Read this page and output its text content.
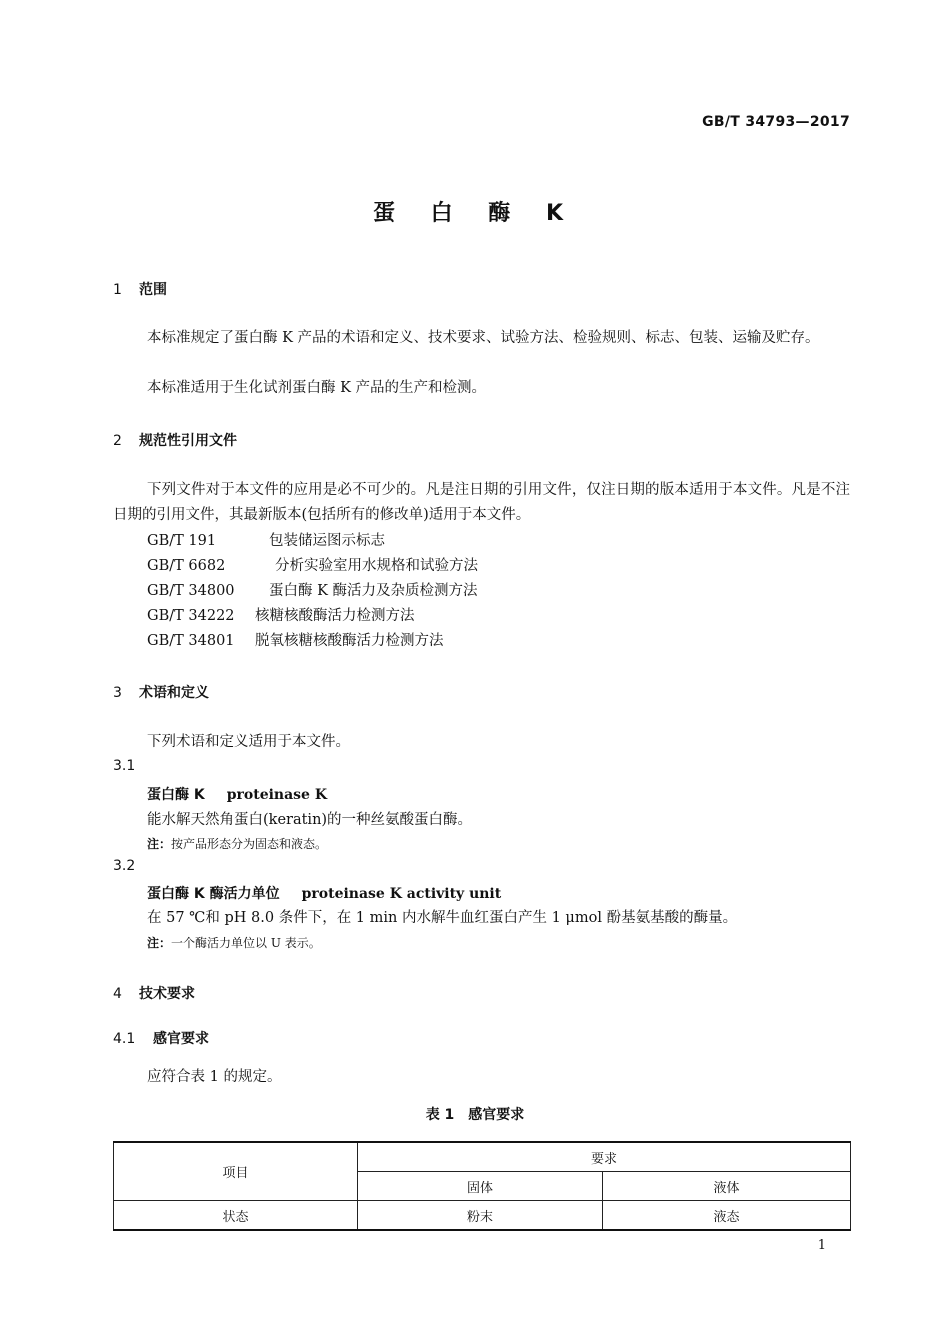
GB/T 34793—2017
蛋 白 酶 K
1 范围
本标准规定了蛋白酶 K 产品的术语和定义、技术要求、试验方法、检验规则、标志、包装、运输及贮存。
本标准适用于生化试剂蛋白酶 K 产品的生产和检测。
2 规范性引用文件
下列文件对于本文件的应用是必不可少的。凡是注日期的引用文件，仅注日期的版本适用于本文件。凡是不注日期的引用文件，其最新版本(包括所有的修改单)适用于本文件。
GB/T 191	包装储运图示标志
GB/T 6682	分析实验室用水规格和试验方法
GB/T 34800 蛋白酶 K 酶活力及杂质检测方法
GB/T 34222 核糖核酸酶活力检测方法
GB/T 34801 脱氧核糖核酸酶活力检测方法
3 术语和定义
下列术语和定义适用于本文件。
3.1
蛋白酶 K proteinase K
能水解天然角蛋白(keratin)的一种丝氨酸蛋白酶。
注：按产品形态分为固态和液态。
3.2
蛋白酶 K 酶活力单位 proteinase K activity unit
在 57 ℃和 pH 8.0 条件下，在 1 min 内水解牛血红蛋白产生 1 μmol 酚基氨基酸的酶量。
注：一个酶活力单位以 U 表示。
4 技术要求
4.1 感官要求
应符合表 1 的规定。
表 1　感官要求
项目	要求	
	固体	液体
状态	粉末	液态
1
